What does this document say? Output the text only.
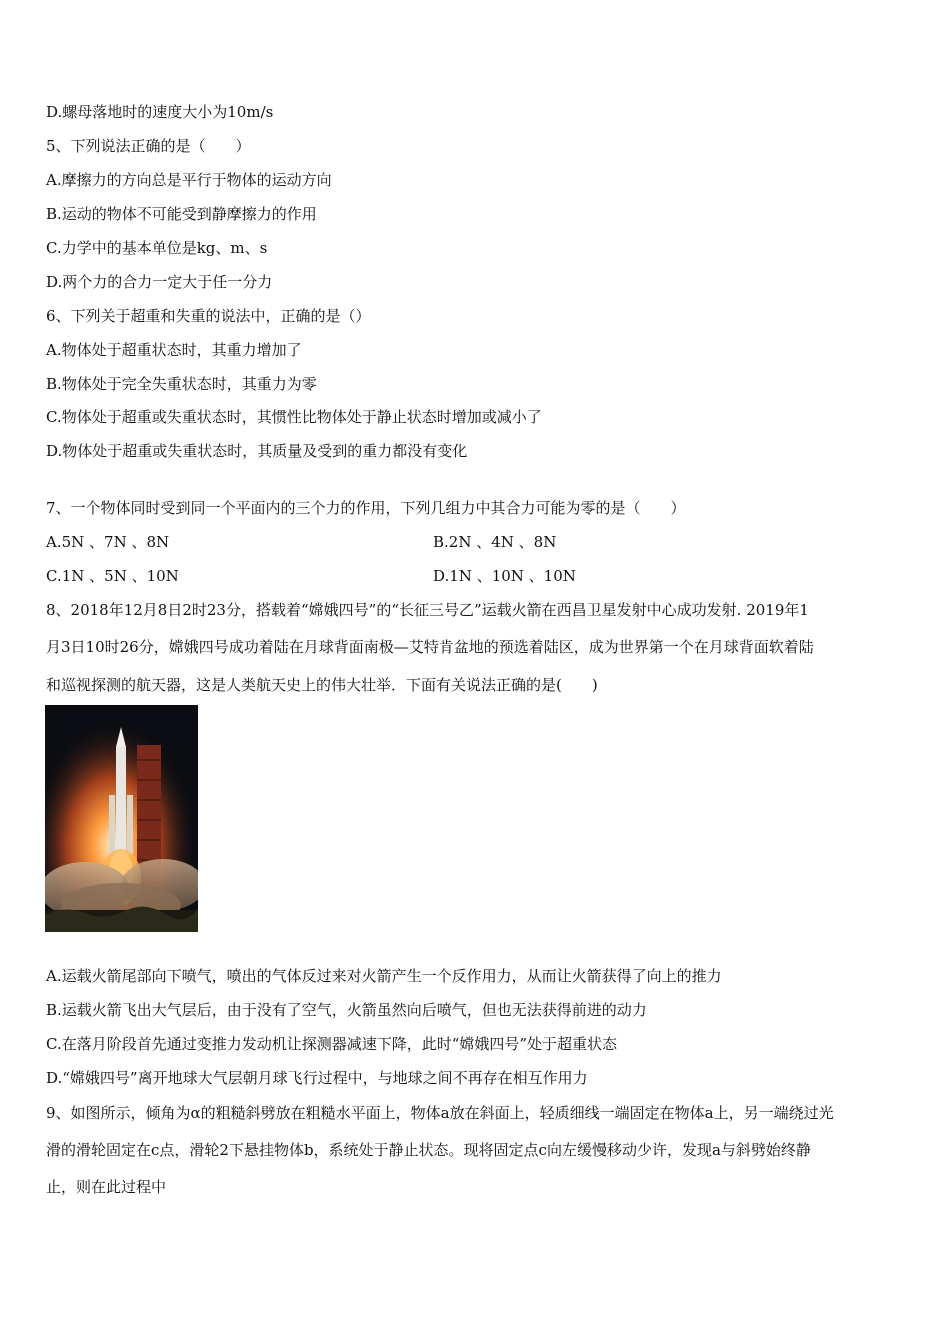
D.螺母落地时的速度大小为10m/s
5、下列说法正确的是（　　）
A.摩擦力的方向总是平行于物体的运动方向
B.运动的物体不可能受到静摩擦力的作用
C.力学中的基本单位是kg、m、s
D.两个力的合力一定大于任一分力
6、下列关于超重和失重的说法中，正确的是（）
A.物体处于超重状态时，其重力增加了
B.物体处于完全失重状态时，其重力为零
C.物体处于超重或失重状态时，其惯性比物体处于静止状态时增加或减小了
D.物体处于超重或失重状态时，其质量及受到的重力都没有变化
7、一个物体同时受到同一个平面内的三个力的作用，下列几组力中其合力可能为零的是（　　）
A.5N 、7N 、8N	B.2N 、4N 、8N
C.1N 、5N 、10N	D.1N 、10N 、10N
8、2018年12月8日2时23分，搭载着“嫦娥四号”的“长征三号乙”运载火箭在西昌卫星发射中心成功发射. 2019年1
月3日10时26分，嫦娥四号成功着陆在月球背面南极—艾特肯盆地的预选着陆区，成为世界第一个在月球背面软着陆
和巡视探测的航天器，这是人类航天史上的伟大壮举．下面有关说法正确的是(　　)
A.运载火箭尾部向下喷气，喷出的气体反过来对火箭产生一个反作用力，从而让火箭获得了向上的推力
B.运载火箭飞出大气层后，由于没有了空气，火箭虽然向后喷气，但也无法获得前进的动力
C.在落月阶段首先通过变推力发动机让探测器减速下降，此时“嫦娥四号”处于超重状态
D.“嫦娥四号”离开地球大气层朝月球飞行过程中，与地球之间不再存在相互作用力
9、如图所示，倾角为α的粗糙斜劈放在粗糙水平面上，物体a放在斜面上，轻质细线一端固定在物体a上，另一端绕过光
滑的滑轮固定在c点，滑轮2下悬挂物体b，系统处于静止状态。现将固定点c向左缓慢移动少许，发现a与斜劈始终静
止，则在此过程中
